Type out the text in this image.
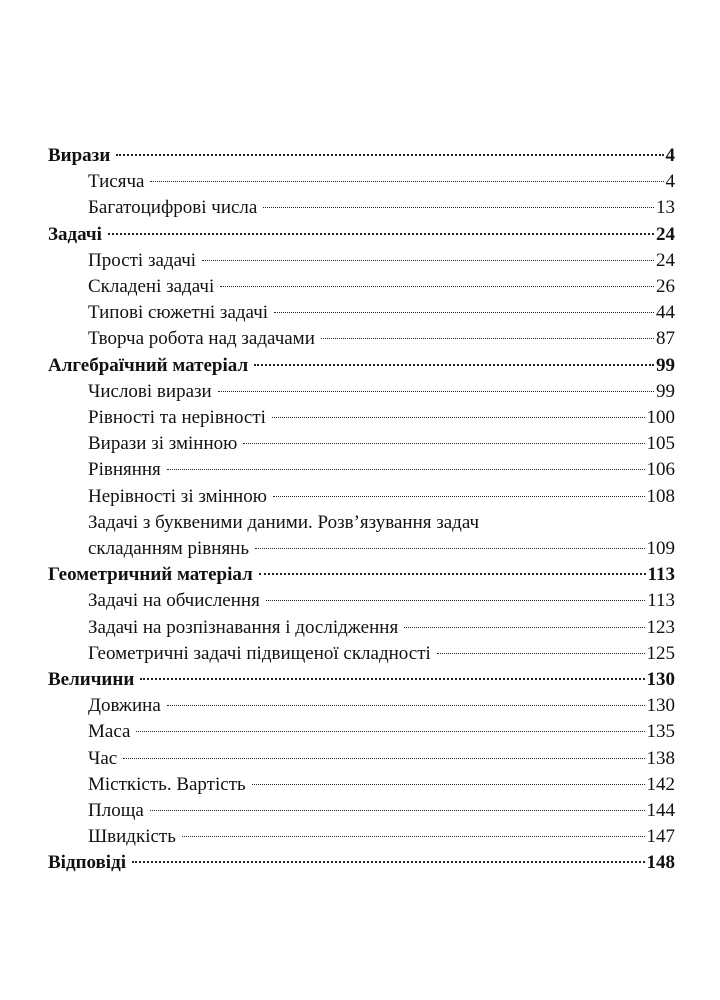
Вирази	4
Тисяча	4
Багатоцифрові числа	13
Задачі	24
Прості задачі	24
Складені задачі	26
Типові сюжетні задачі	44
Творча робота над задачами	87
Алгебраїчний матеріал	99
Числові вирази	99
Рівності та нерівності	100
Вирази зі змінною	105
Рівняння	106
Нерівності зі змінною	108
Задачі з буквеними даними. Розв’язування задач
складанням рівнянь	109
Геометричний матеріал	113
Задачі на обчислення	113
Задачі на розпізнавання і дослідження	123
Геометричні задачі підвищеної складності	125
Величини	130
Довжина	130
Маса	135
Час	138
Місткість. Вартість	142
Площа	144
Швидкість	147
Відповіді	148
